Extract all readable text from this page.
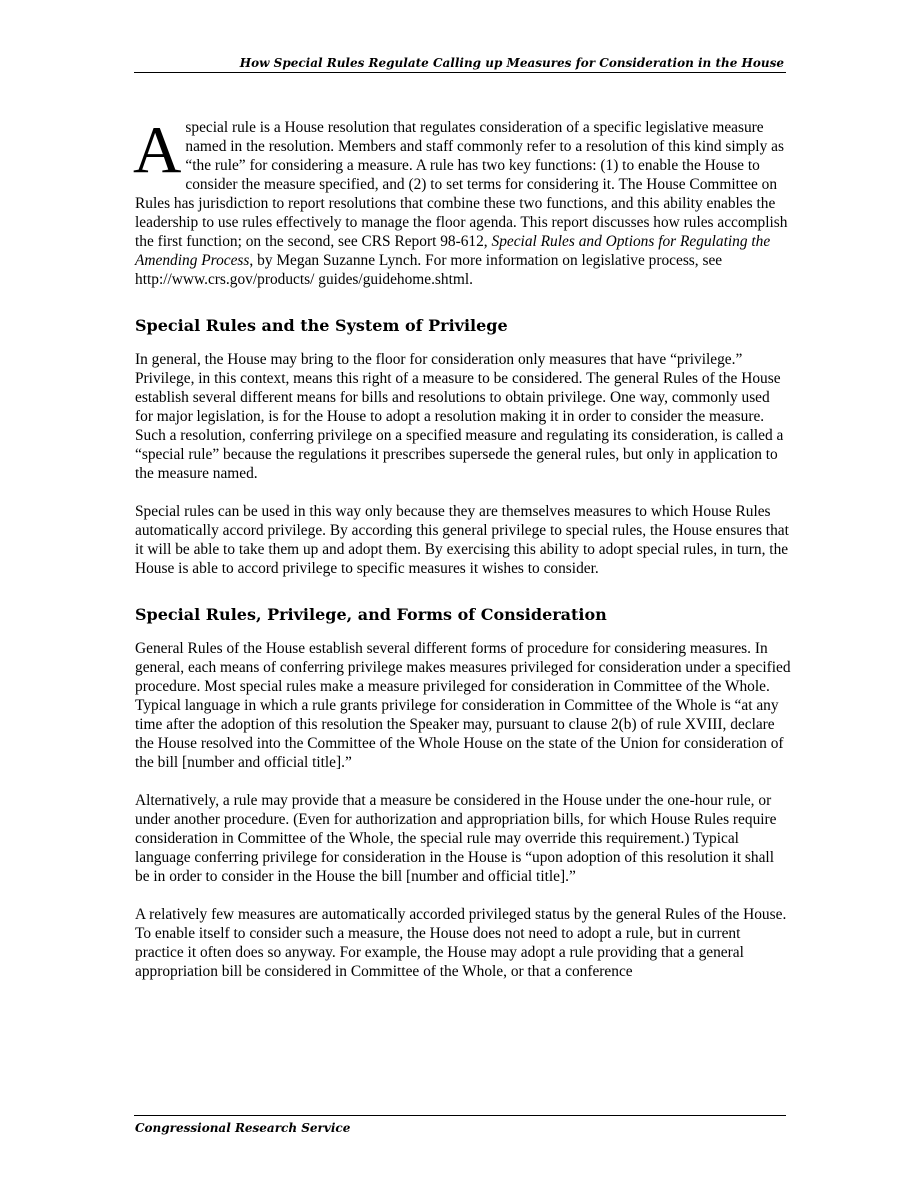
How Special Rules Regulate Calling up Measures for Consideration in the House

Aspecial rule is a House resolution that regulates consideration of a specific legislative measure named in the resolution. Members and staff commonly refer to a resolution of this kind simply as “the rule” for considering a measure. A rule has two key functions: (1) to enable the House to consider the measure specified, and (2) to set terms for considering it. The House Committee on Rules has jurisdiction to report resolutions that combine these two functions, and this ability enables the leadership to use rules effectively to manage the floor agenda. This report discusses how rules accomplish the first function; on the second, see CRS Report 98-612, Special Rules and Options for Regulating the Amending Process, by Megan Suzanne Lynch. For more information on legislative process, see http://www.crs.gov/products/ guides/guidehome.shtml.

Special Rules and the System of Privilege

In general, the House may bring to the floor for consideration only measures that have “privilege.” Privilege, in this context, means this right of a measure to be considered. The general Rules of the House establish several different means for bills and resolutions to obtain privilege. One way, commonly used for major legislation, is for the House to adopt a resolution making it in order to consider the measure. Such a resolution, conferring privilege on a specified measure and regulating its consideration, is called a “special rule” because the regulations it prescribes supersede the general rules, but only in application to the measure named.

Special rules can be used in this way only because they are themselves measures to which House Rules automatically accord privilege. By according this general privilege to special rules, the House ensures that it will be able to take them up and adopt them. By exercising this ability to adopt special rules, in turn, the House is able to accord privilege to specific measures it wishes to consider.

Special Rules, Privilege, and Forms of Consideration

General Rules of the House establish several different forms of procedure for considering measures. In general, each means of conferring privilege makes measures privileged for consideration under a specified procedure. Most special rules make a measure privileged for consideration in Committee of the Whole. Typical language in which a rule grants privilege for consideration in Committee of the Whole is “at any time after the adoption of this resolution the Speaker may, pursuant to clause 2(b) of rule XVIII, declare the House resolved into the Committee of the Whole House on the state of the Union for consideration of the bill [number and official title].”

Alternatively, a rule may provide that a measure be considered in the House under the one-hour rule, or under another procedure. (Even for authorization and appropriation bills, for which House Rules require consideration in Committee of the Whole, the special rule may override this requirement.) Typical language conferring privilege for consideration in the House is “upon adoption of this resolution it shall be in order to consider in the House the bill [number and official title].”

A relatively few measures are automatically accorded privileged status by the general Rules of the House. To enable itself to consider such a measure, the House does not need to adopt a rule, but in current practice it often does so anyway. For example, the House may adopt a rule providing that a general appropriation bill be considered in Committee of the Whole, or that a conference

Congressional Research Service
